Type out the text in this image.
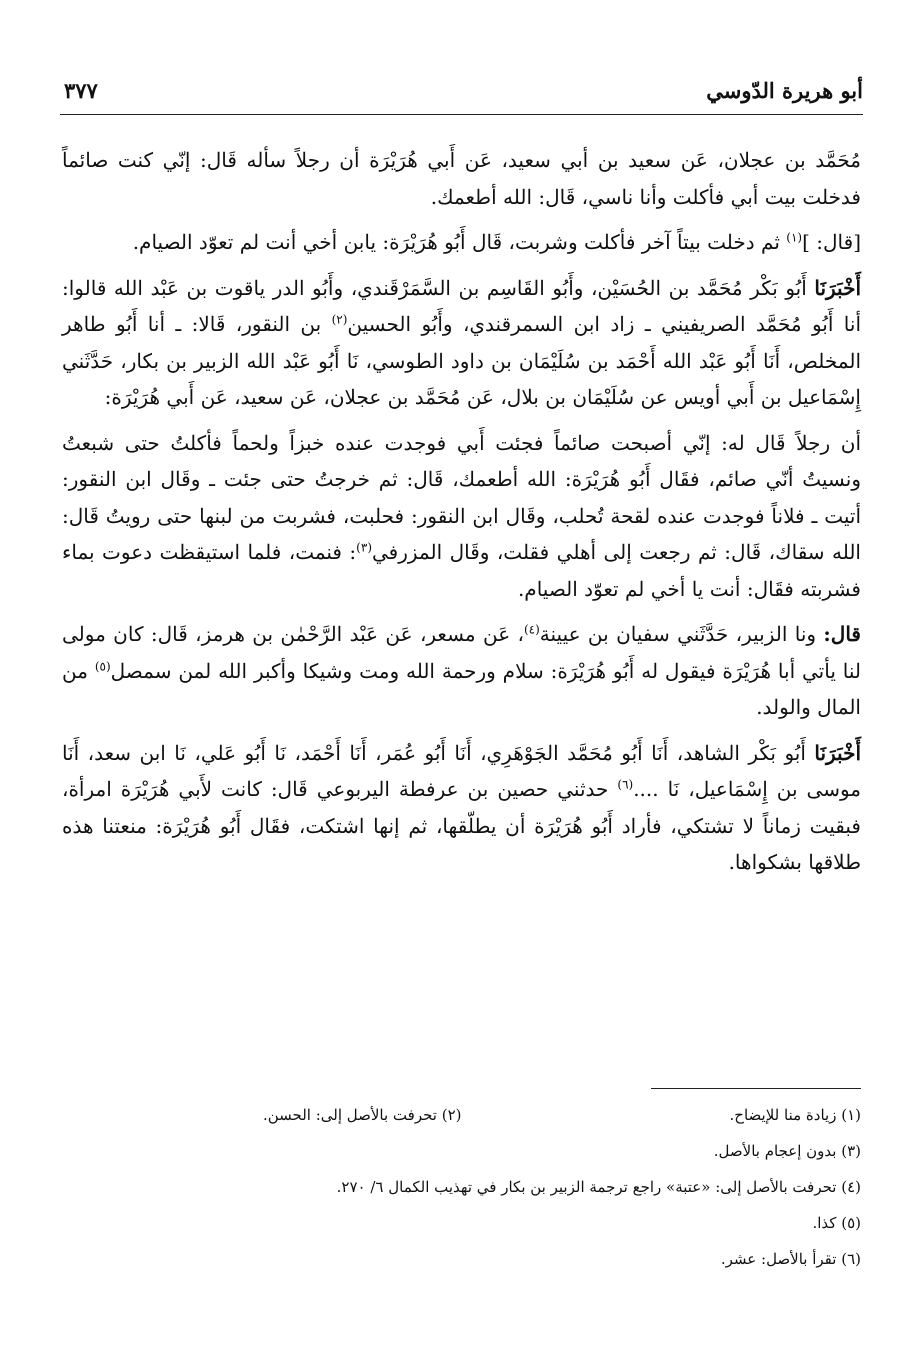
أبو هريرة الدّوسي
٣٧٧

مُحَمَّد بن عجلان، عَن سعيد بن أبي سعيد، عَن أَبي هُرَيْرَة أن رجلاً سأله قَال: إنّي كنت صائماً فدخلت بيت أبي فأكلت وأنا ناسي، قَال: الله أطعمك.

[قال: ]$^{(١)}$ ثم دخلت بيتاً آخر فأكلت وشربت، قَال أَبُو هُرَيْرَة: يابن أخي أنت لم تعوّد الصيام.

أَخْبَرَنَا أَبُو بَكْر مُحَمَّد بن الحُسَيْن، وأَبُو القَاسِم بن السَّمَرْقَندي، وأَبُو الدر ياقوت بن عَبْد الله قالوا: أنا أَبُو مُحَمَّد الصريفيني ـ زاد ابن السمرقندي، وأَبُو الحسين$^{(٢)}$ بن النقور، قَالا: ـ أنا أَبُو طاهر المخلص، أَنَا أَبُو عَبْد الله أَحْمَد بن سُلَيْمَان بن داود الطوسي، نَا أَبُو عَبْد الله الزبير بن بكار، حَدَّثَني إِسْمَاعيل بن أَبي أويس عن سُلَيْمَان بن بلال، عَن مُحَمَّد بن عجلان، عَن سعيد، عَن أَبي هُرَيْرَة:

أن رجلاً قَال له: إنّي أصبحت صائماً فجئت أَبي فوجدت عنده خبزاً ولحماً فأكلتُ حتى شبعتُ ونسيتُ أنّي صائم، فقَال أَبُو هُرَيْرَة: الله أطعمك، قَال: ثم خرجتُ حتى جئت ـ وقَال ابن النقور: أتيت ـ فلاناً فوجدت عنده لقحة تُحلب، وقَال ابن النقور: فحلبت، فشربت من لبنها حتى رويتُ قَال: الله سقاك، قَال: ثم رجعت إلى أهلي فقلت، وقَال المزرفي$^{(٣)}$: فنمت، فلما استيقظت دعوت بماء فشربته فقَال: أنت يا أخي لم تعوّد الصيام.

قال: ونا الزبير، حَدَّثَني سفيان بن عيينة$^{(٤)}$، عَن مسعر، عَن عَبْد الرَّحْمٰن بن هرمز، قَال: كان مولى لنا يأتي أبا هُرَيْرَة فيقول له أَبُو هُرَيْرَة: سلام ورحمة الله ومت وشيكا وأكبر الله لمن سمصل$^{(٥)}$ من المال والولد.

أَخْبَرَنَا أَبُو بَكْر الشاهد، أَنَا أَبُو مُحَمَّد الجَوْهَرِي، أَنَا أَبُو عُمَر، أَنَا أَحْمَد، نَا أَبُو عَلي، نَا ابن سعد، أَنَا موسى بن إِسْمَاعيل، نَا ....$^{(٦)}$ حدثني حصين بن عرفطة اليربوعي قَال: كانت لأَبي هُرَيْرَة امرأة، فبقيت زماناً لا تشتكي، فأراد أَبُو هُرَيْرَة أن يطلّقها، ثم إنها اشتكت، فقَال أَبُو هُرَيْرَة: منعتنا هذه طلاقها بشكواها.

(١) زيادة منا للإيضاح.
(٢) تحرفت بالأصل إلى: الحسن.
(٣) بدون إعجام بالأصل.
(٤) تحرفت بالأصل إلى: «عتبة» راجع ترجمة الزبير بن بكار في تهذيب الكمال ٦/ ٢٧٠.
(٥) كذا.
(٦) تقرأ بالأصل: عشر.
